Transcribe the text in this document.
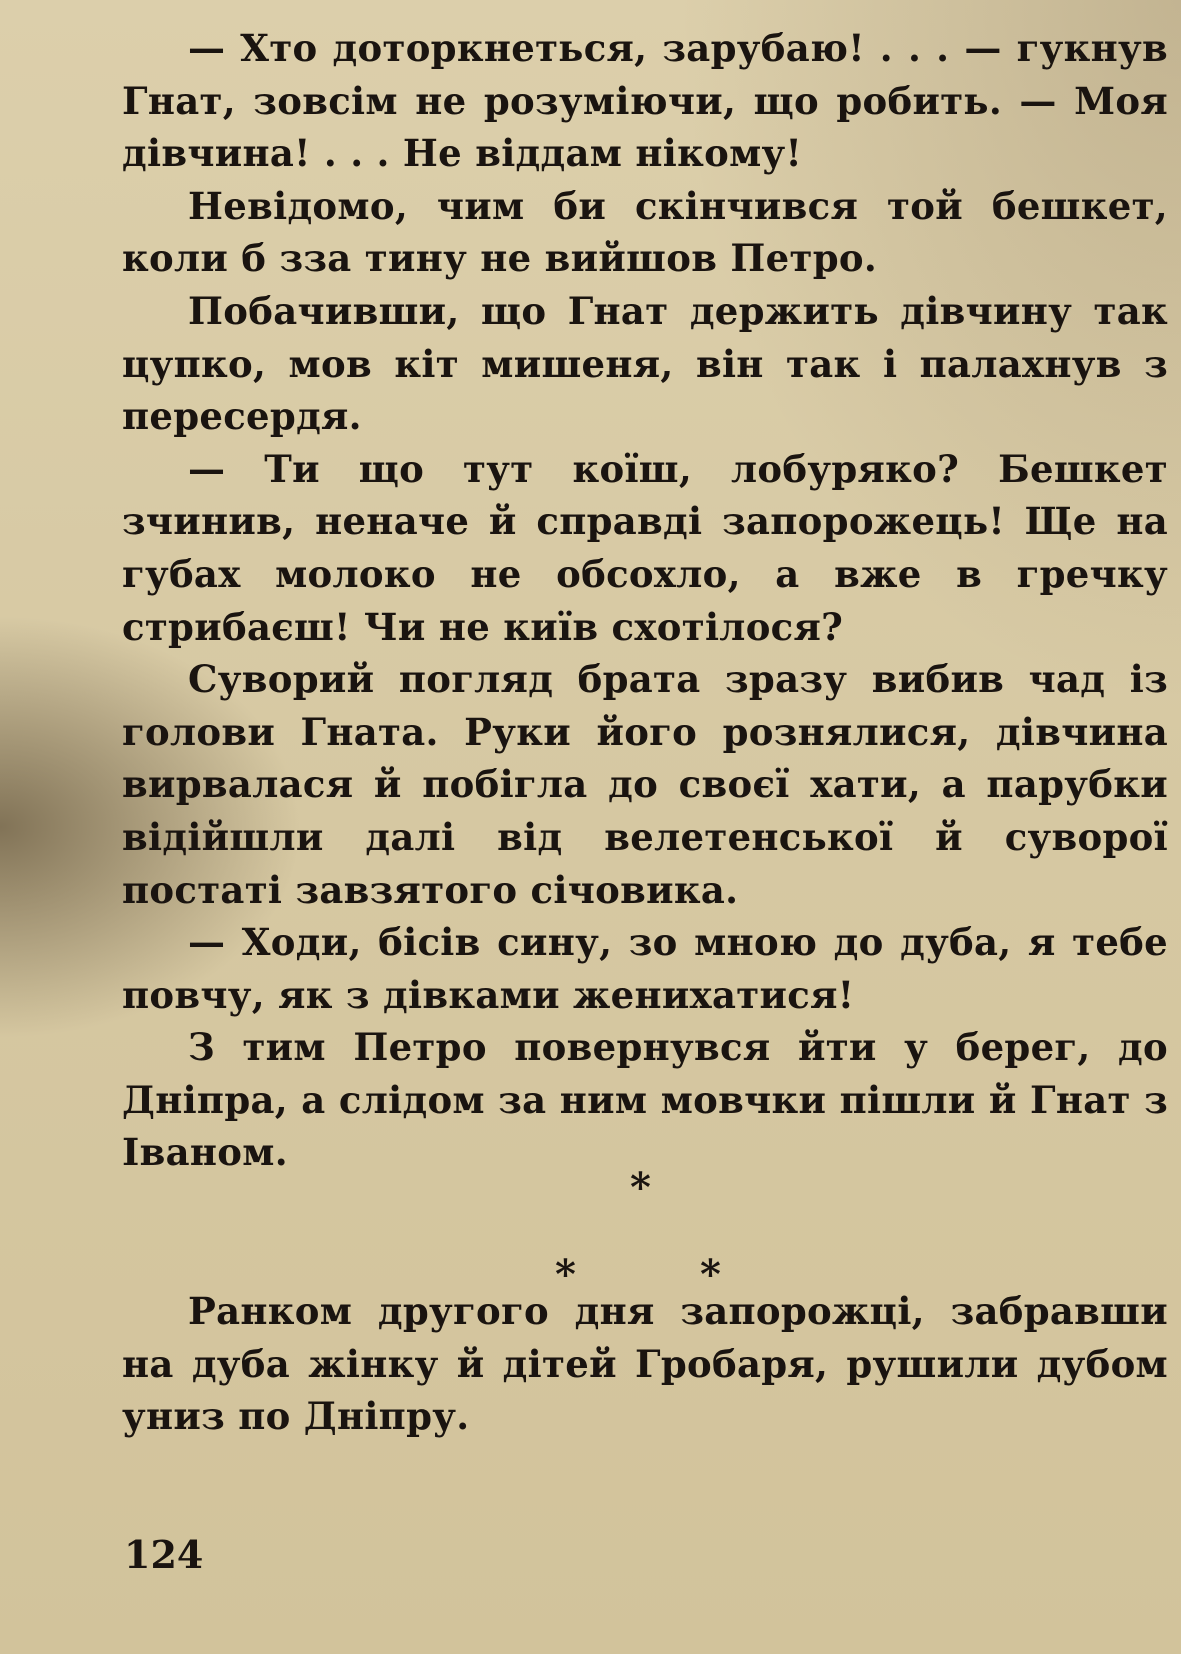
— Хто доторкнеться, зарубаю! . . . — гукнув Гнат, зовсім не розуміючи, що робить. — Моя дівчина! . . . Не віддам нікому!

Невідомо, чим би скінчився той бешкет, коли б зза тину не вийшов Петро.

Побачивши, що Гнат держить дівчину так цупко, мов кіт мишеня, він так і палахнув з пересердя.

— Ти що тут коїш, лобуряко? Бешкет зчинив, неначе й справді запорожець! Ще на губах молоко не обсохло, а вже в гречку стрибаєш! Чи не київ схотілося?

Суворий погляд брата зразу вибив чад із голови Гната. Руки його рознялися, дівчина вирвалася й побігла до своєї хати, а парубки відійшли далі від велетенської й суворої постаті завзятого січовика.

— Ходи, бісів сину, зо мною до дуба, я тебе повчу, як з дівками женихатися!

З тим Петро повернувся йти у берег, до Дніпра, а слідом за ним мовчки пішли й Гнат з Іваном.

*
*	*

Ранком другого дня запорожці, забравши на дуба жінку й дітей Гробаря, рушили дубом униз по Дніпру.

124
